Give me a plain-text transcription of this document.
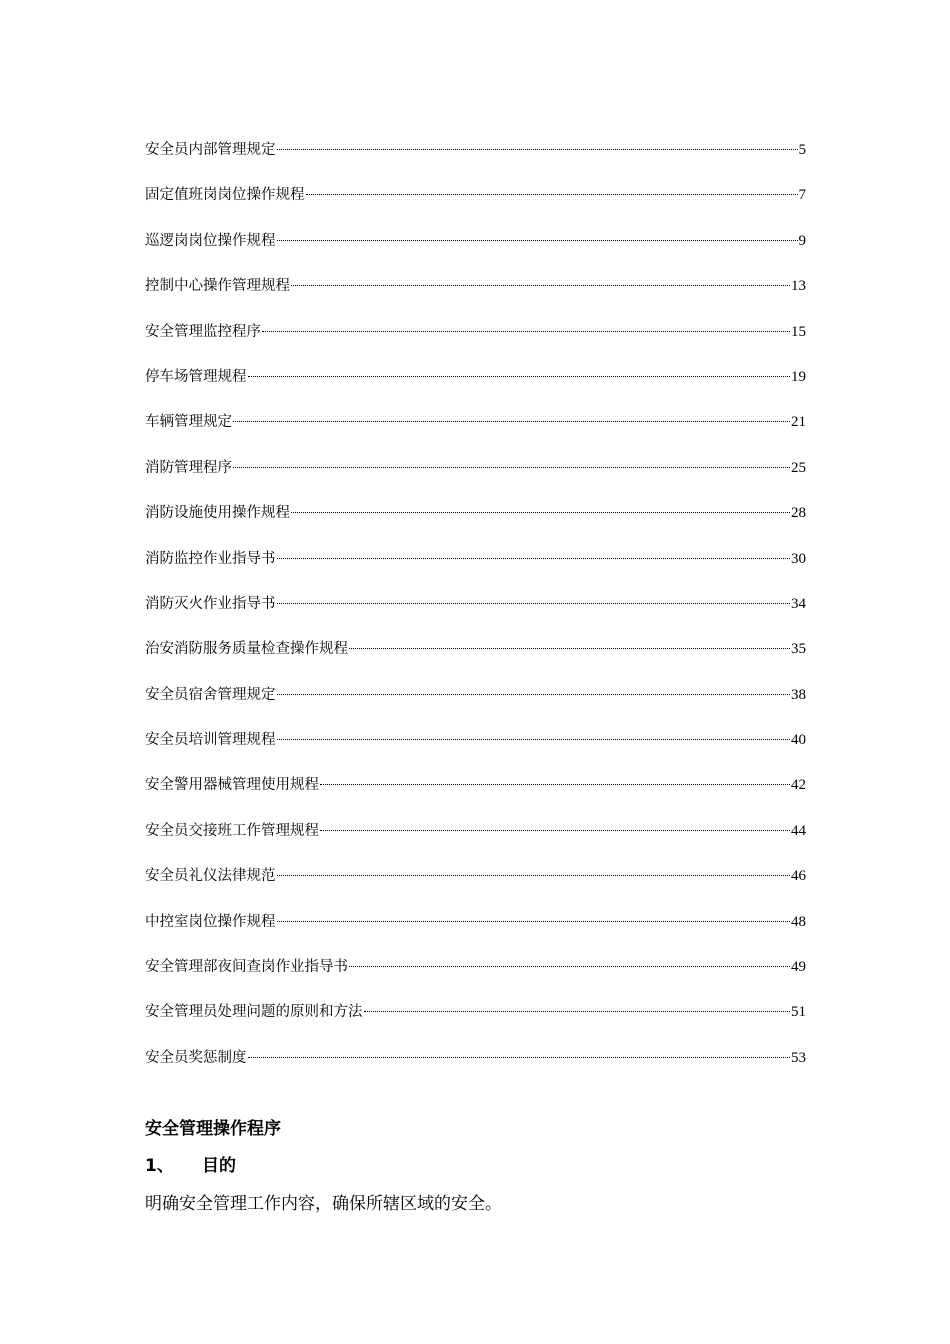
安全员内部管理规定	5
固定值班岗岗位操作规程	7
巡逻岗岗位操作规程	9
控制中心操作管理规程	13
安全管理监控程序	15
停车场管理规程	19
车辆管理规定	21
消防管理程序	25
消防设施使用操作规程	28
消防监控作业指导书	30
消防灭火作业指导书	34
治安消防服务质量检查操作规程	35
安全员宿舍管理规定	38
安全员培训管理规程	40
安全警用器械管理使用规程	42
安全员交接班工作管理规程	44
安全员礼仪法律规范	46
中控室岗位操作规程	48
安全管理部夜间查岗作业指导书	49
安全管理员处理问题的原则和方法	51
安全员奖惩制度	53
安全管理操作程序
1、	目的
明确安全管理工作内容，确保所辖区域的安全。
